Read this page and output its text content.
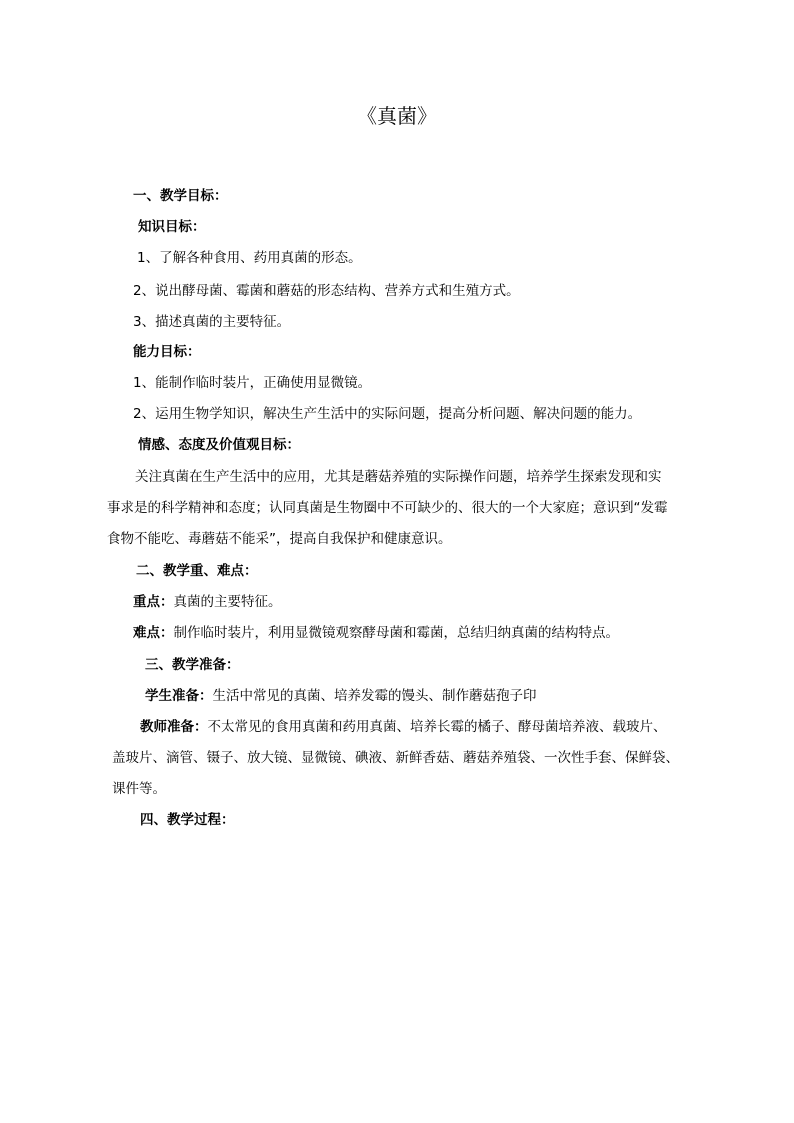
《真菌》
一、教学目标：
知识目标：
1、了解各种食用、药用真菌的形态。
2、说出酵母菌、霉菌和蘑菇的形态结构、营养方式和生殖方式。
3、描述真菌的主要特征。
能力目标：
1、能制作临时装片，正确使用显微镜。
2、运用生物学知识，解决生产生活中的实际问题，提高分析问题、解决问题的能力。
情感、态度及价值观目标：
关注真菌在生产生活中的应用，尤其是蘑菇养殖的实际操作问题，培养学生探索发现和实
事求是的科学精神和态度；认同真菌是生物圈中不可缺少的、很大的一个大家庭；意识到“发霉
食物不能吃、毒蘑菇不能采”，提高自我保护和健康意识。
二、教学重、难点：
重点：真菌的主要特征。
难点：制作临时装片，利用显微镜观察酵母菌和霉菌，总结归纳真菌的结构特点。
三、教学准备：
学生准备：生活中常见的真菌、培养发霉的馒头、制作蘑菇孢子印
教师准备：不太常见的食用真菌和药用真菌、培养长霉的橘子、酵母菌培养液、载玻片、
盖玻片、滴管、镊子、放大镜、显微镜、碘液、新鲜香菇、蘑菇养殖袋、一次性手套、保鲜袋、
课件等。
四、教学过程：
